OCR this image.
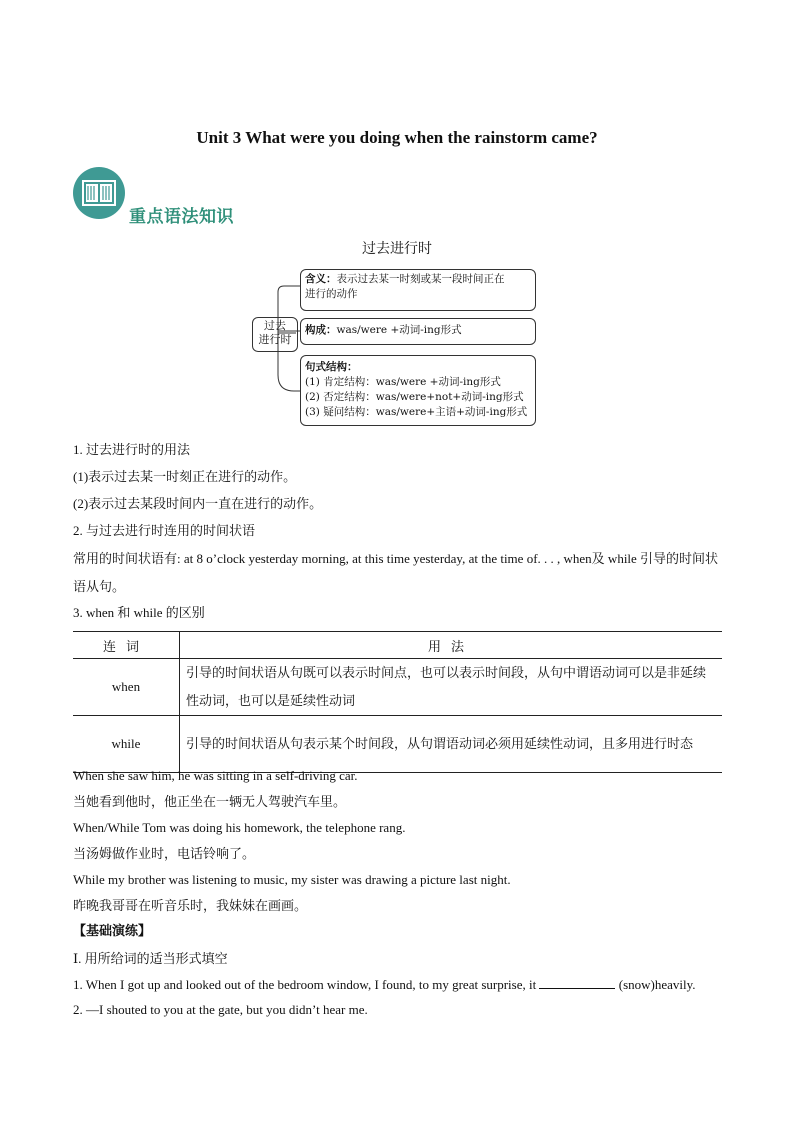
Unit 3 What were you doing when the rainstorm came?
重点语法知识
过去进行时
过去
进行时
含义：表示过去某一时刻或某一段时间正在
进行的动作
构成：was/were +动词-ing形式
句式结构：
(1) 肯定结构：was/were +动词-ing形式
(2) 否定结构：was/were+not+动词-ing形式
(3) 疑问结构：was/were+主语+动词-ing形式
1. 过去进行时的用法
(1)表示过去某一时刻正在进行的动作。
(2)表示过去某段时间内一直在进行的动作。
2. 与过去进行时连用的时间状语
常用的时间状语有: at 8 o’clock yesterday morning, at this time yesterday, at the time of. . . , when及 while 引导的时间状语从句。
3. when 和 while 的区别
连词	用法
when	引导的时间状语从句既可以表示时间点，也可以表示时间段，从句中谓语动词可以是非延续性动词，也可以是延续性动词
while	引导的时间状语从句表示某个时间段，从句谓语动词必须用延续性动词，且多用进行时态
When she saw him, he was sitting in a self-driving car.
当她看到他时，他正坐在一辆无人驾驶汽车里。
When/While Tom was doing his homework, the telephone rang.
当汤姆做作业时，电话铃响了。
While my brother was listening to music, my sister was drawing a picture last night.
昨晚我哥哥在听音乐时，我妹妹在画画。
【基础演练】
Ⅰ. 用所给词的适当形式填空
1. When I got up and looked out of the bedroom window, I found, to my great surprise, it	(snow)heavily.
2. —I shouted to you at the gate, but you didn’t hear me.
